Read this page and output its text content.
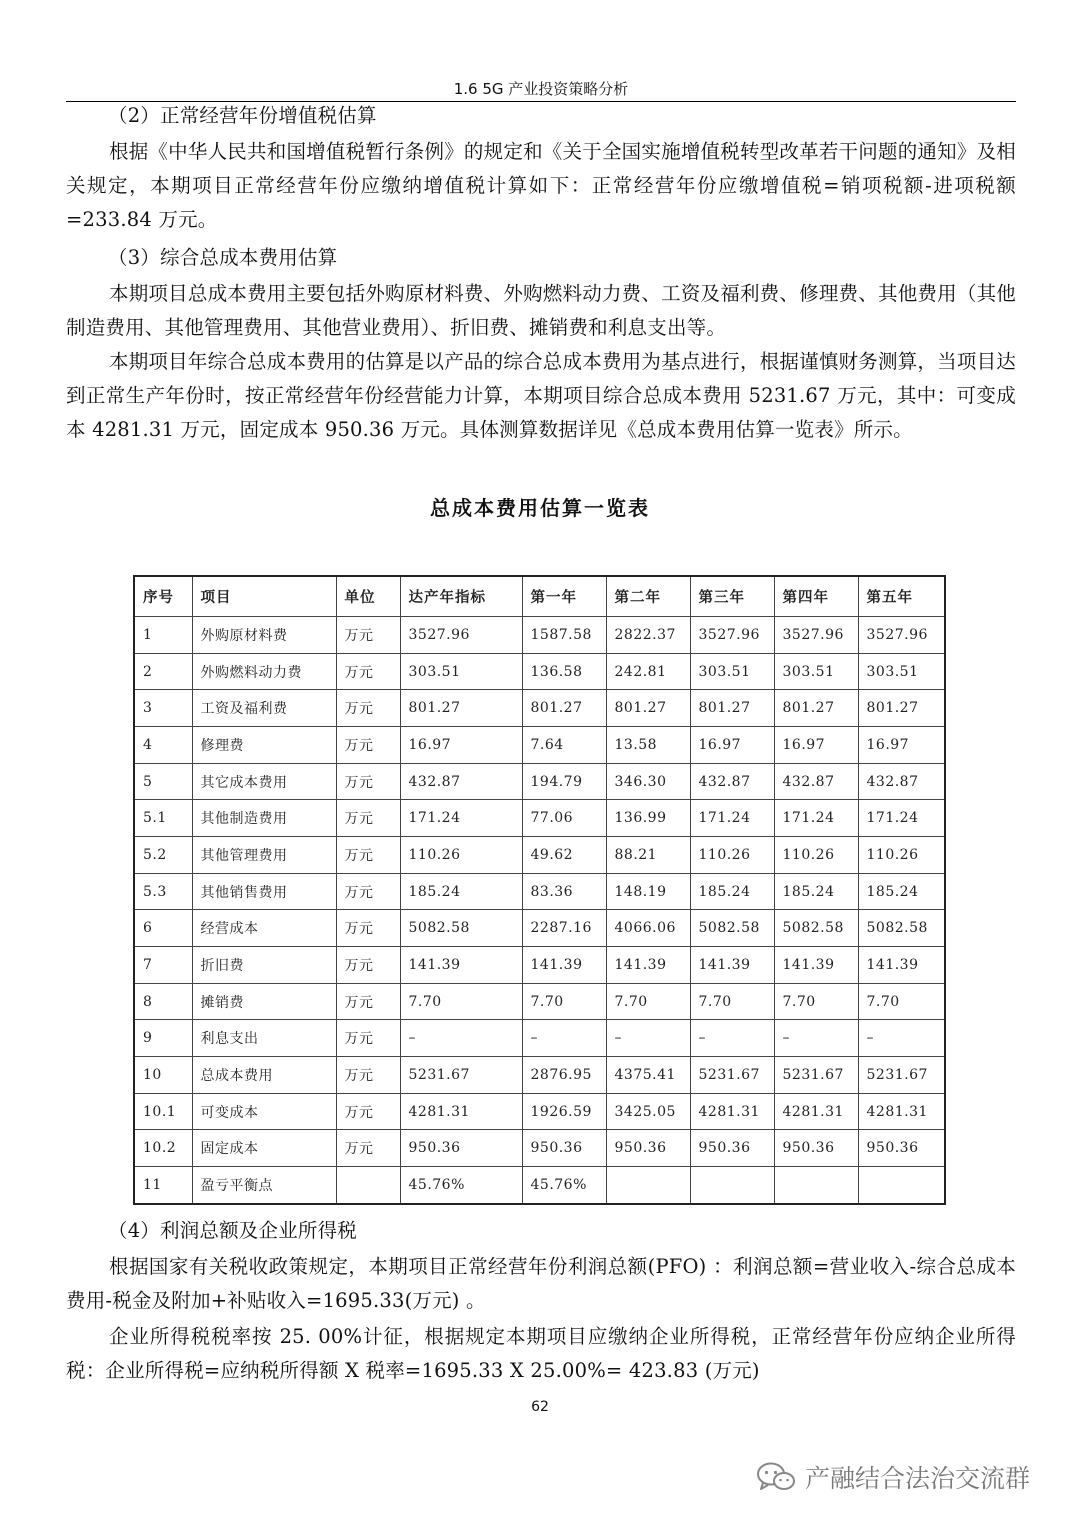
1.6 5G 产业投资策略分析

（2）正常经营年份增值税估算

根据《中华人民共和国增值税暂行条例》的规定和《关于全国实施增值税转型改革若干问题的通知》及相关规定，本期项目正常经营年份应缴纳增值税计算如下：正常经营年份应缴增值税=销项税额-进项税额=233.84 万元。

（3）综合总成本费用估算

本期项目总成本费用主要包括外购原材料费、外购燃料动力费、工资及福利费、修理费、其他费用（其他制造费用、其他管理费用、其他营业费用）、折旧费、摊销费和利息支出等。

本期项目年综合总成本费用的估算是以产品的综合总成本费用为基点进行，根据谨慎财务测算，当项目达到正常生产年份时，按正常经营年份经营能力计算，本期项目综合总成本费用 5231.67 万元，其中：可变成本 4281.31 万元，固定成本 950.36 万元。具体测算数据详见《总成本费用估算一览表》所示。

总成本费用估算一览表
序号	项目	单位	达产年指标	第一年	第二年	第三年	第四年	第五年
1	外购原材料费	万元	3527.96	1587.58	2822.37	3527.96	3527.96	3527.96
2	外购燃料动力费	万元	303.51	136.58	242.81	303.51	303.51	303.51
3	工资及福利费	万元	801.27	801.27	801.27	801.27	801.27	801.27
4	修理费	万元	16.97	7.64	13.58	16.97	16.97	16.97
5	其它成本费用	万元	432.87	194.79	346.30	432.87	432.87	432.87
5.1	其他制造费用	万元	171.24	77.06	136.99	171.24	171.24	171.24
5.2	其他管理费用	万元	110.26	49.62	88.21	110.26	110.26	110.26
5.3	其他销售费用	万元	185.24	83.36	148.19	185.24	185.24	185.24
6	经营成本	万元	5082.58	2287.16	4066.06	5082.58	5082.58	5082.58
7	折旧费	万元	141.39	141.39	141.39	141.39	141.39	141.39
8	摊销费	万元	7.70	7.70	7.70	7.70	7.70	7.70
9	利息支出	万元	–	–	–	–	–	–
10	总成本费用	万元	5231.67	2876.95	4375.41	5231.67	5231.67	5231.67
10.1	可变成本	万元	4281.31	1926.59	3425.05	4281.31	4281.31	4281.31
10.2	固定成本	万元	950.36	950.36	950.36	950.36	950.36	950.36
11	盈亏平衡点		45.76%	45.76%				

（4）利润总额及企业所得税

根据国家有关税收政策规定，本期项目正常经营年份利润总额(PFO) ：利润总额=营业收入-综合总成本费用-税金及附加+补贴收入=1695.33(万元) 。

企业所得税税率按 25. 00%计征，根据规定本期项目应缴纳企业所得税，正常经营年份应纳企业所得税：企业所得税=应纳税所得额 X 税率=1695.33 X 25.00%= 423.83 (万元)

62
产融结合法治交流群
